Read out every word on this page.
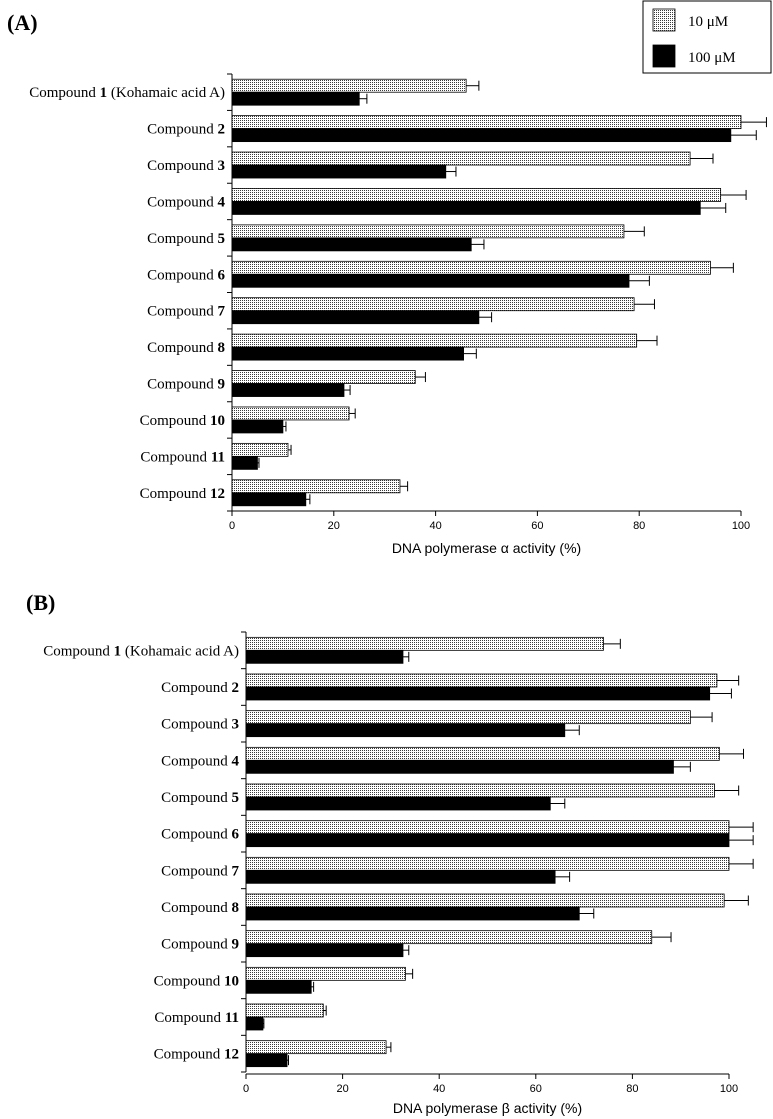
(A)	10 μM
100 μM
0	20	40	60	80	100
DNA polymerase α activity (%)
Compound 1 (Kohamaic acid A)
Compound 2
Compound 3
Compound 4
Compound 5
Compound 6
Compound 7
Compound 8
Compound 9
Compound 10
Compound 11
Compound 12
(B)
0	20	40	60	80	100
DNA polymerase β activity (%)
Compound 1 (Kohamaic acid A)
Compound 2
Compound 3
Compound 4
Compound 5
Compound 6
Compound 7
Compound 8
Compound 9
Compound 10
Compound 11
Compound 12
